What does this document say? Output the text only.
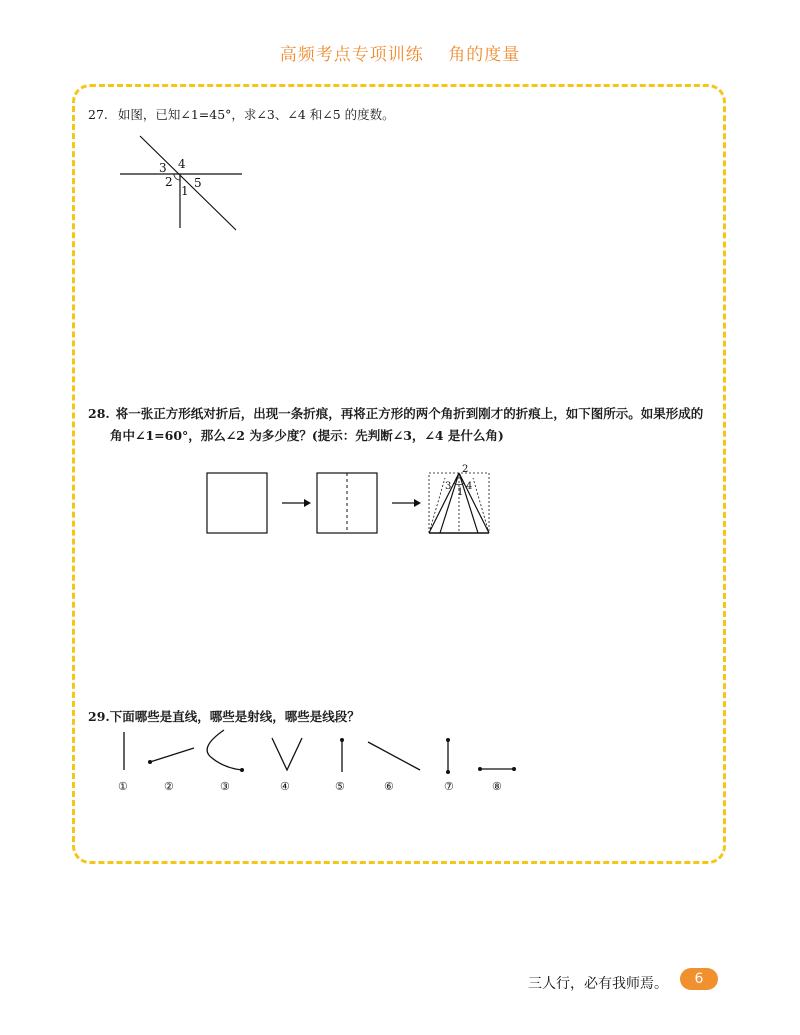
高频考点专项训练 角的度量
27. 如图，已知∠1=45°，求∠3、∠4 和∠5 的度数。
3 4
2 5
1
28. 将一张正方形纸对折后，出现一条折痕，再将正方形的两个角折到刚才的折痕上，如下图所示。如果形成的
角中∠1=60°，那么∠2 为多少度？(提示：先判断∠3，∠4 是什么角)
2
3
1
4
29.下面哪些是直线，哪些是射线，哪些是线段？
①	②	③	④	⑤	⑥	⑦	⑧
三人行，必有我师焉。	6
